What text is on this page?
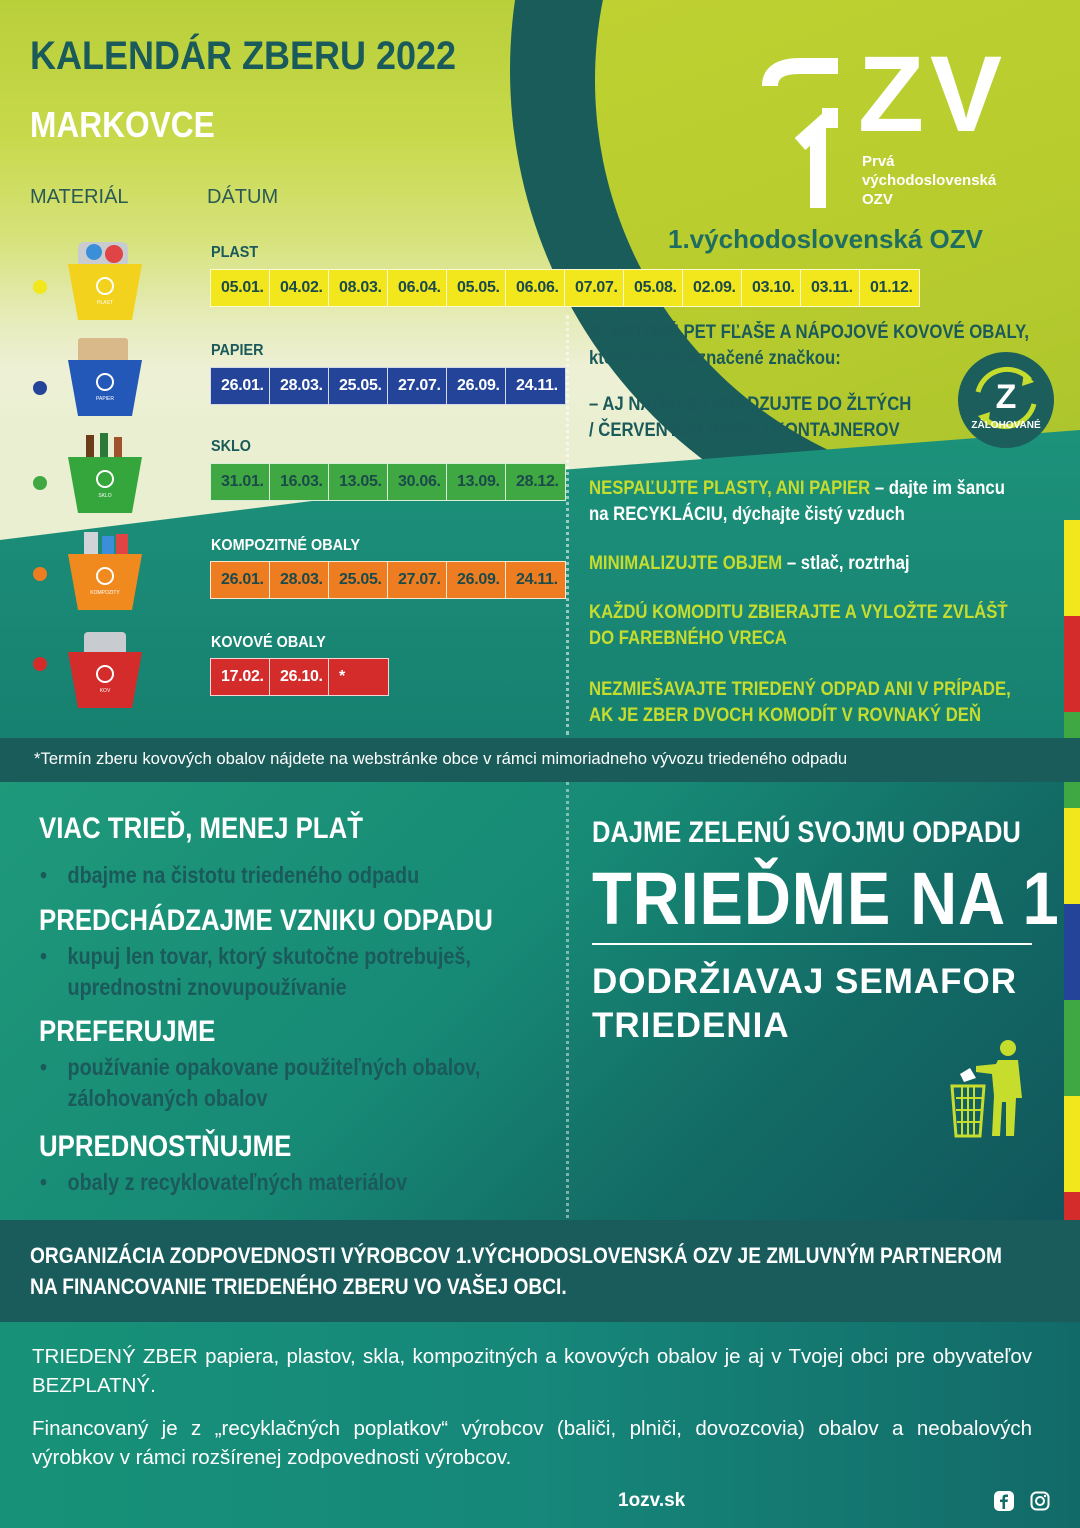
KALENDÁR ZBERU 2022
MARKOVCE
MATERIÁL	DÁTUM
ZV
Prvá
východoslovenská
OZV
1.východoslovenská OZV
PLAST
PLAST
05.01.	04.02.	08.03.	06.04.	05.05.	06.06.	07.07.	05.08.	02.09.	03.10.	03.11.	01.12.
PAPIER
PAPIER
26.01.	28.03.	25.05.	27.07.	26.09.	24.11.
SKLO
SKLO
31.01.	16.03.	13.05.	30.06.	13.09.	28.12.
KOMPOZITY
KOMPOZITNÉ OBALY
26.01.	28.03.	25.05.	27.07.	26.09.	24.11.
KOV
KOVOVÉ OBALY
17.02.	26.10.	*
PLASTOVÉ PET FĽAŠE A NÁPOJOVÉ KOVOVÉ OBALY,
ktoré nie sú označené značkou:
– AJ NAĎALEJ VHADZUJTE DO ŽLTÝCH
/ ČERVENÝCH VRIEC / KONTAJNEROV
Z
ZÁLOHOVANÉ
NESPAĽUJTE PLASTY, ANI PAPIER – dajte im šancu
na RECYKLÁCIU, dýchajte čistý vzduch
MINIMALIZUJTE OBJEM – stlač, roztrhaj
KAŽDÚ KOMODITU ZBIERAJTE A VYLOŽTE ZVLÁŠŤ
DO FAREBNÉHO VRECA
NEZMIEŠAVAJTE TRIEDENÝ ODPAD ANI V PRÍPADE,
AK JE ZBER DVOCH KOMODÍT V ROVNAKÝ DEŇ
*Termín zberu kovových obalov nájdete na webstránke obce v rámci mimoriadneho vývozu triedeného odpadu
VIAC TRIEĎ, MENEJ PLAŤ
• dbajme na čistotu triedeného odpadu
PREDCHÁDZAJME VZNIKU ODPADU
• kupuj len tovar, ktorý skutočne potrebuješ,
uprednostni znovupoužívanie
PREFERUJME
• používanie opakovane použiteľných obalov,
zálohovaných obalov
UPREDNOSTŇUJME
• obaly z recyklovateľných materiálov
DAJME ZELENÚ SVOJMU ODPADU
TRIEĎME NA 1
DODRŽIAVAJ SEMAFOR
TRIEDENIA
ORGANIZÁCIA ZODPOVEDNOSTI VÝROBCOV 1.VÝCHODOSLOVENSKÁ OZV JE ZMLUVNÝM PARTNEROM
NA FINANCOVANIE TRIEDENÉHO ZBERU VO VAŠEJ OBCI.
TRIEDENÝ ZBER papiera, plastov, skla, kompozitných a kovových obalov je aj v Tvojej obci pre obyvateľov BEZPLATNÝ.
Financovaný je z „recyklačných poplatkov“ výrobcov (baliči, plniči, dovozcovia) obalov a neobalových výrobkov v rámci rozšírenej zodpovednosti výrobcov.
1ozv.sk
